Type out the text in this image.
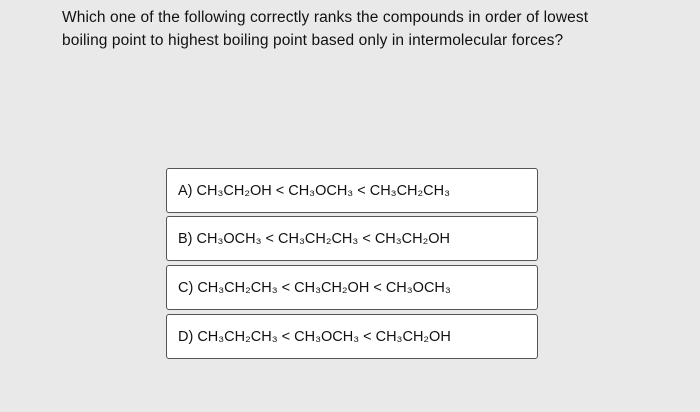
Which one of the following correctly ranks the compounds in order of lowest
boiling point to highest boiling point based only in intermolecular forces?
A) CH₃CH₂OH < CH₃OCH₃ < CH₃CH₂CH₃
B) CH₃OCH₃ < CH₃CH₂CH₃ < CH₃CH₂OH
C) CH₃CH₂CH₃ < CH₃CH₂OH < CH₃OCH₃
D) CH₃CH₂CH₃ < CH₃OCH₃ < CH₃CH₂OH
